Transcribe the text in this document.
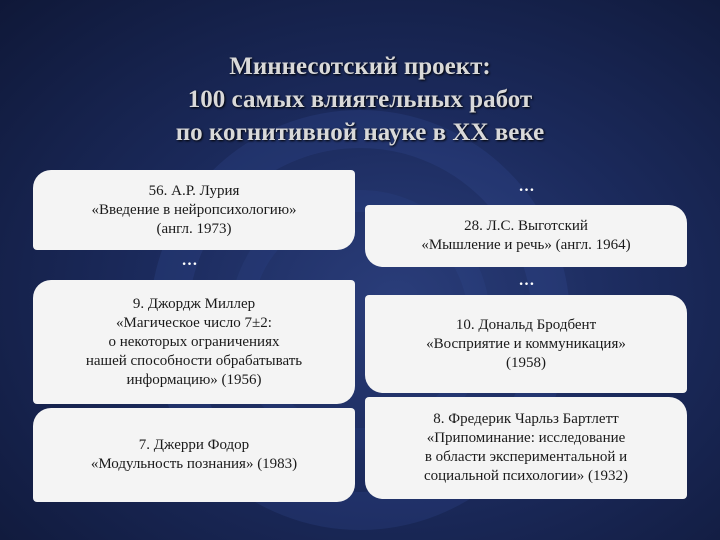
Миннесотский проект:
100 самых влиятельных работ
по когнитивной науке в XX веке
56. А.Р. Лурия
«Введение в нейропсихологию»
(англ. 1973)
…
9. Джордж Миллер
«Магическое число 7±2:
о некоторых ограничениях
нашей способности обрабатывать
информацию» (1956)
7. Джерри Фодор
«Модульность познания» (1983)
…
28. Л.С. Выготский
«Мышление и речь» (англ. 1964)
…
10. Дональд Бродбент
«Восприятие и коммуникация»
(1958)
8. Фредерик Чарльз Бартлетт
«Припоминание: исследование
в области экспериментальной и
социальной психологии» (1932)
